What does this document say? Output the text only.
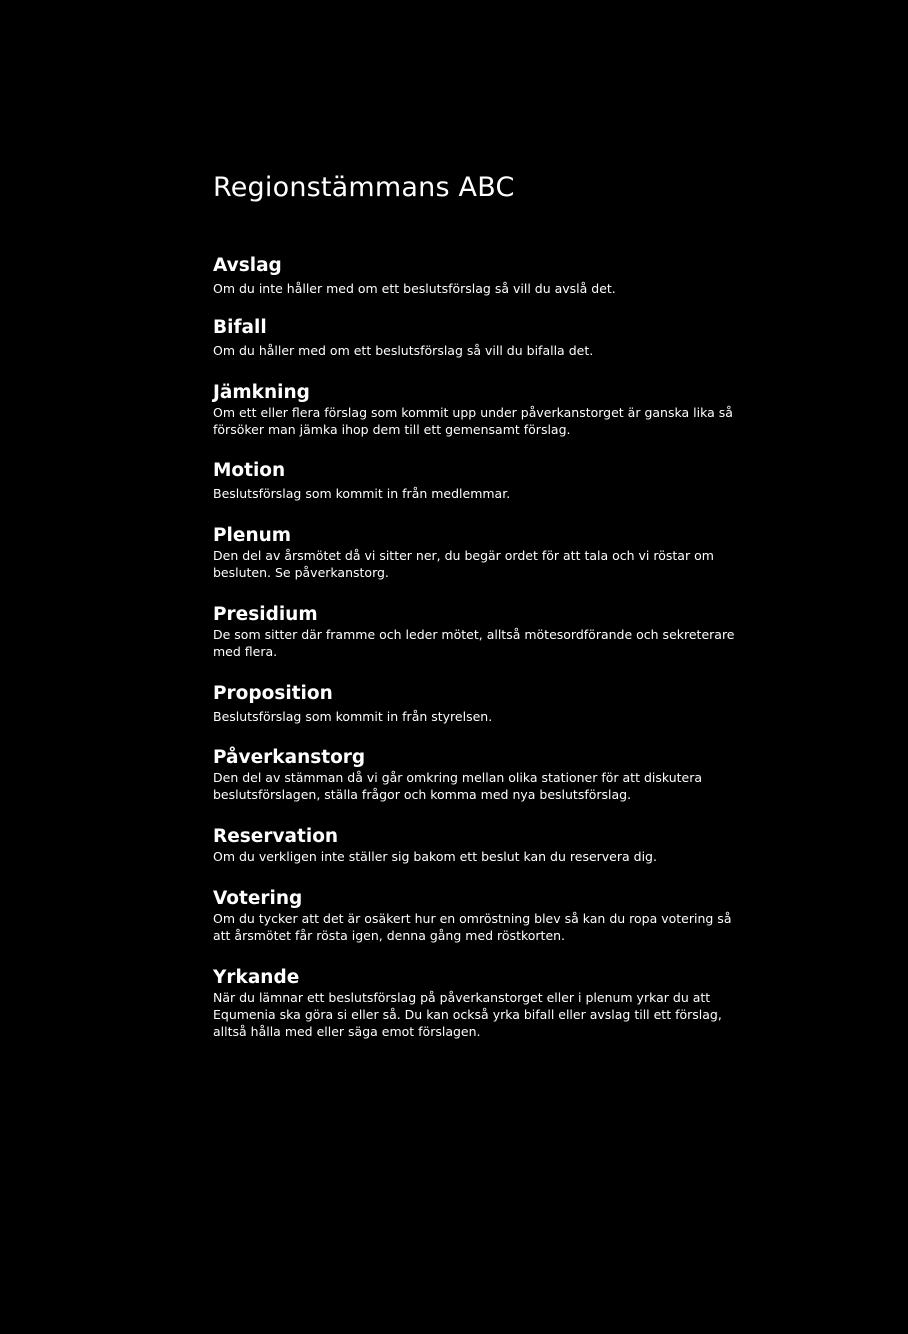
Regionstämmans ABC
Avslag

Om du inte håller med om ett beslutsförslag så vill du avslå det.

Bifall

Om du håller med om ett beslutsförslag så vill du bifalla det.

Jämkning

Om ett eller flera förslag som kommit upp under påverkanstorget är ganska lika så försöker man jämka ihop dem till ett gemensamt förslag.

Motion

Beslutsförslag som kommit in från medlemmar.

Plenum

Den del av årsmötet då vi sitter ner, du begär ordet för att tala och vi röstar om besluten. Se påverkanstorg.

Presidium

De som sitter där framme och leder mötet, alltså mötesordförande och sekreterare med flera.

Proposition

Beslutsförslag som kommit in från styrelsen.

Påverkanstorg

Den del av stämman då vi går omkring mellan olika stationer för att diskutera beslutsförslagen, ställa frågor och komma med nya beslutsförslag.

Reservation

Om du verkligen inte ställer sig bakom ett beslut kan du reservera dig.

Votering

Om du tycker att det är osäkert hur en omröstning blev så kan du ropa votering så att årsmötet får rösta igen, denna gång med röstkorten.

Yrkande

När du lämnar ett beslutsförslag på påverkanstorget eller i plenum yrkar du att Equmenia ska göra si eller så. Du kan också yrka bifall eller avslag till ett förslag, alltså hålla med eller säga emot förslagen.
